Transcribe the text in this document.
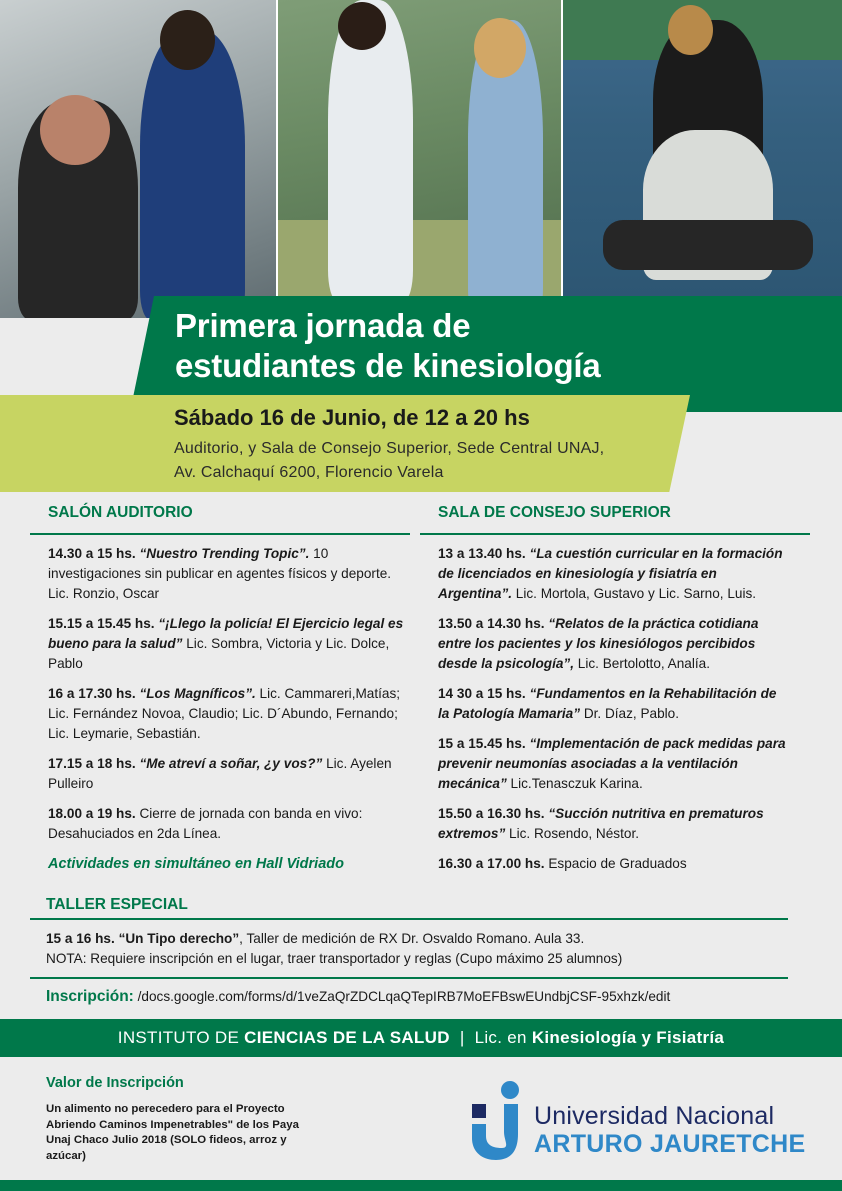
Primera jornada de
estudiantes de kinesiología
Sábado 16 de Junio, de 12 a 20 hs
Auditorio, y Sala de Consejo Superior, Sede Central UNAJ,
Av. Calchaquí 6200, Florencio Varela
SALÓN AUDITORIO
14.30 a 15 hs. “Nuestro Trending Topic”. 10 investigaciones sin publicar en agentes físicos y deporte. Lic. Ronzio, Oscar
15.15 a 15.45 hs. “¡Llego la policía! El Ejercicio legal es bueno para la salud” Lic. Sombra, Victoria y Lic. Dolce, Pablo
16 a 17.30 hs. “Los Magníficos”. Lic. Cammareri,Matías; Lic. Fernández Novoa, Claudio; Lic. D´Abundo, Fernando; Lic. Leymarie, Sebastián.
17.15 a 18 hs. “Me atreví a soñar, ¿y vos?” Lic. Ayelen Pulleiro
18.00 a 19 hs. Cierre de jornada con banda en vivo: Desahuciados en 2da Línea.
Actividades en simultáneo en Hall Vidriado
SALA DE CONSEJO SUPERIOR
13 a 13.40 hs. “La cuestión curricular en la formación de licenciados en kinesiología y fisiatría en Argentina”. Lic. Mortola, Gustavo y Lic. Sarno, Luis.
13.50 a 14.30 hs. “Relatos de la práctica cotidiana entre los pacientes y los kinesiólogos percibidos desde la psicología”, Lic. Bertolotto, Analía.
14 30 a 15 hs. “Fundamentos en la Rehabilitación de la Patología Mamaria” Dr. Díaz, Pablo.
15 a 15.45 hs. “Implementación de pack medidas para prevenir neumonías asociadas a la ventilación mecánica” Lic.Tenasczuk Karina.
15.50 a 16.30 hs. “Succión nutritiva en prematuros extremos” Lic. Rosendo, Néstor.
16.30 a 17.00 hs. Espacio de Graduados
TALLER ESPECIAL
15 a 16 hs. “Un Tipo derecho”, Taller de medición de RX Dr. Osvaldo Romano. Aula 33.
NOTA: Requiere inscripción en el lugar, traer transportador y reglas (Cupo máximo 25 alumnos)
Inscripción: /docs.google.com/forms/d/1veZaQrZDCLqaQTepIRB7MoEFBswEUndbjCSF-95xhzk/edit
INSTITUTO DE CIENCIAS DE LA SALUD | Lic. en Kinesiología y Fisiatría
Valor de Inscripción
Un alimento no perecedero para el Proyecto Abriendo Caminos Impenetrables" de los Paya Unaj Chaco Julio 2018 (SOLO fideos, arroz y azúcar)
Universidad Nacional
ARTURO JAURETCHE
